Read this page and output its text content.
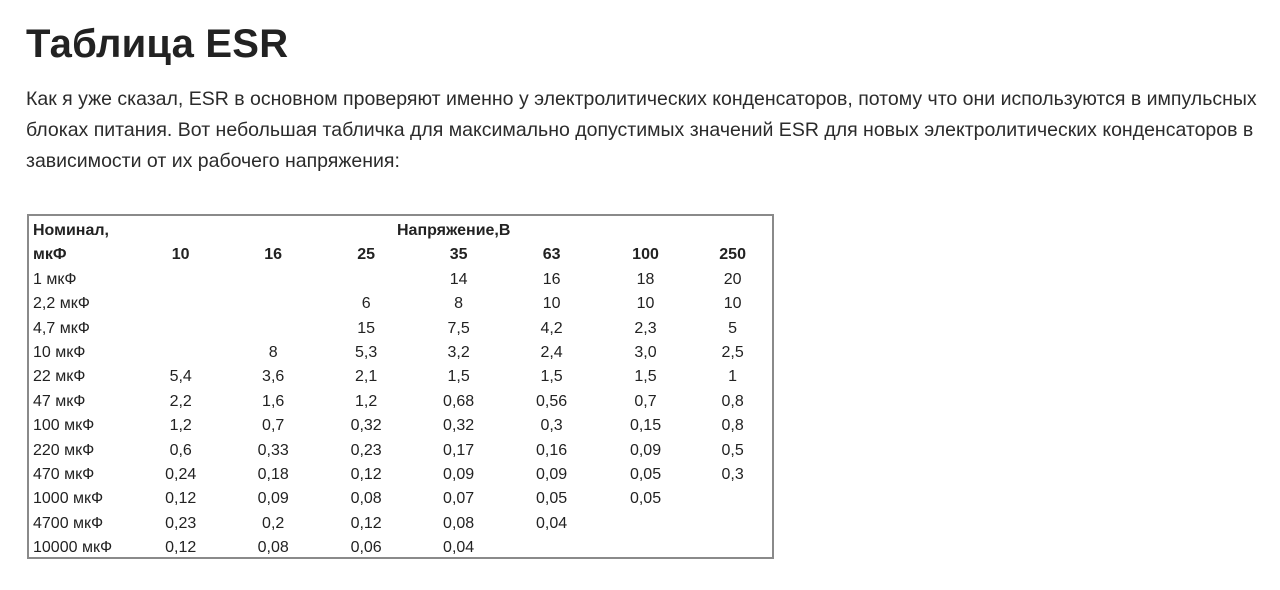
Таблица ESR

Как я уже сказал, ESR в основном проверяют именно у электролитических конденсаторов, потому что они используются в импульсных блоках питания. Вот небольшая табличка для максимально допустимых значений ESR для новых электролитических конденсаторов в зависимости от их рабочего напряжения:

Номинал,	Напряжение,В						
мкФ	10	16	25	35	63	100	250
1 мкФ				14	16	18	20
2,2 мкФ			6	8	10	10	10
4,7 мкФ			15	7,5	4,2	2,3	5
10 мкФ		8	5,3	3,2	2,4	3,0	2,5
22 мкФ	5,4	3,6	2,1	1,5	1,5	1,5	1
47 мкФ	2,2	1,6	1,2	0,68	0,56	0,7	0,8
100 мкФ	1,2	0,7	0,32	0,32	0,3	0,15	0,8
220 мкФ	0,6	0,33	0,23	0,17	0,16	0,09	0,5
470 мкФ	0,24	0,18	0,12	0,09	0,09	0,05	0,3
1000 мкФ	0,12	0,09	0,08	0,07	0,05	0,05	
4700 мкФ	0,23	0,2	0,12	0,08	0,04		
10000 мкФ	0,12	0,08	0,06	0,04			
